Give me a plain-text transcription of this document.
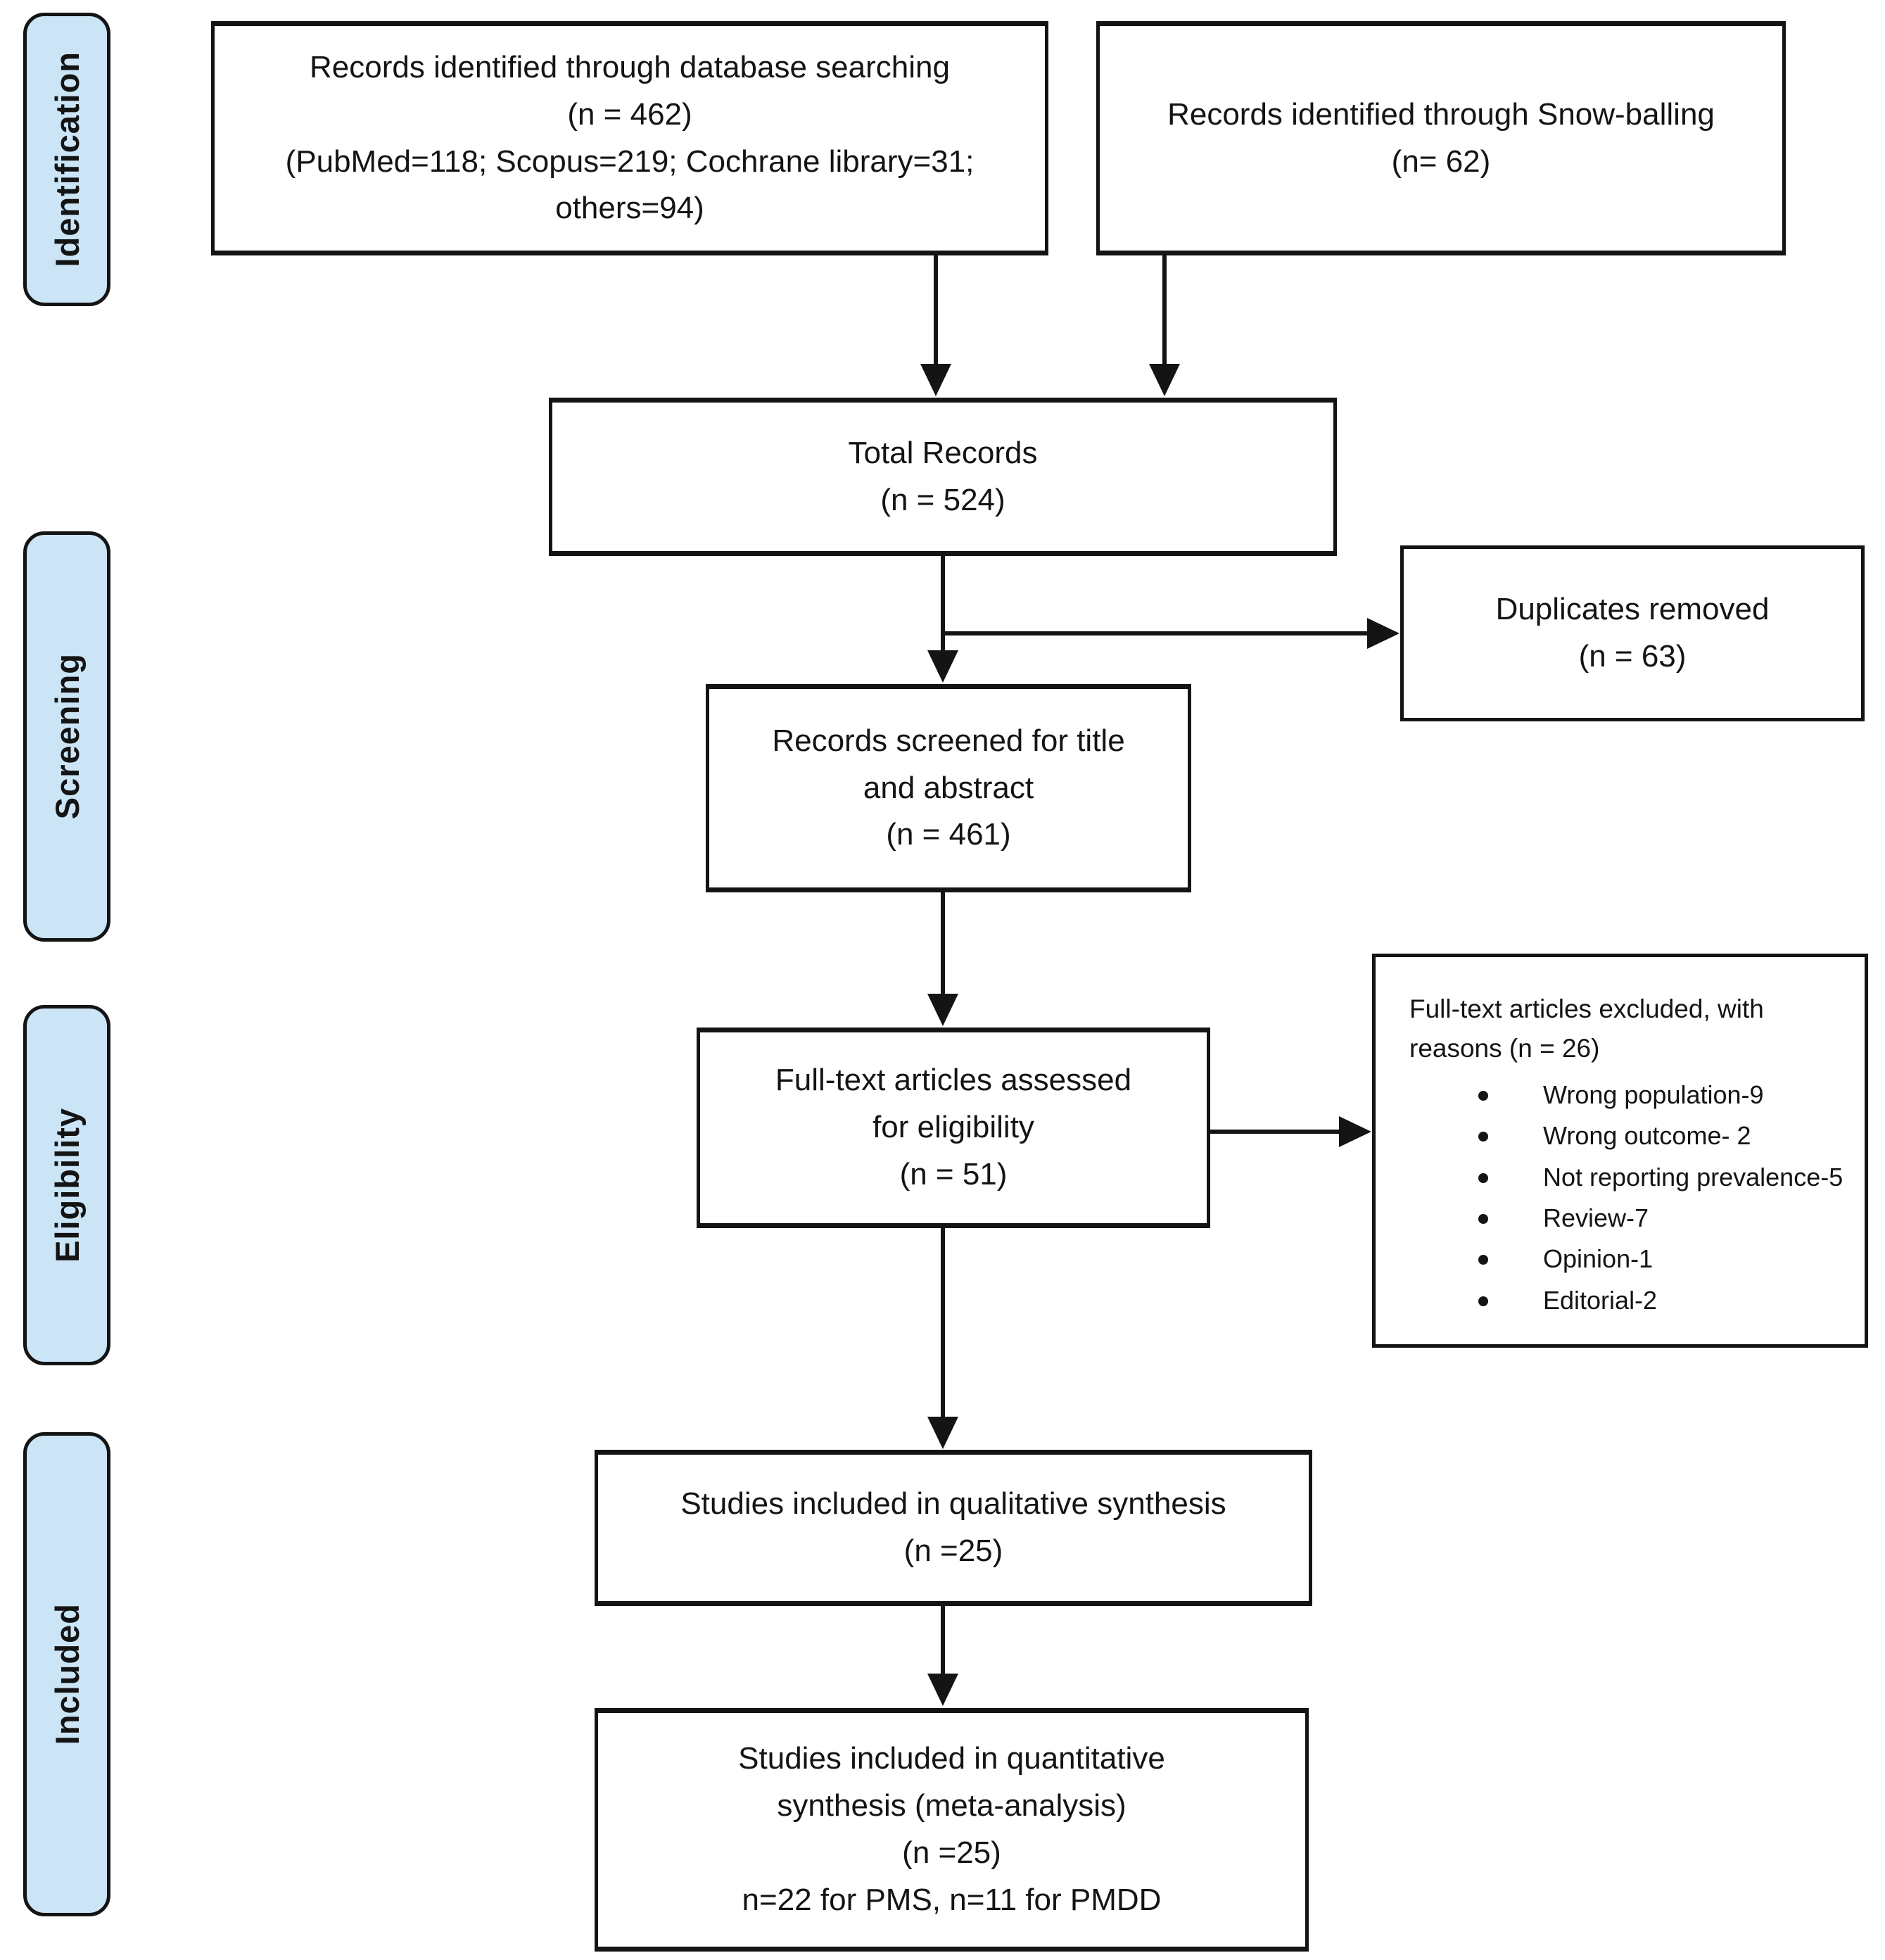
Identification
Screening
Eligibility
Included
Records identified through database searching
(n = 462)
(PubMed=118; Scopus=219; Cochrane library=31;
others=94)
Records identified through Snow-balling
(n= 62)
Total Records
(n = 524)
Duplicates removed
(n = 63)
Records screened for title
and abstract
(n = 461)
Full-text articles assessed
for eligibility
(n = 51)
Full-text articles excluded, with
reasons (n = 26)
Wrong population-9
Wrong outcome- 2
Not reporting prevalence-5
Review-7
Opinion-1
Editorial-2
Studies included in qualitative synthesis
(n =25)
Studies included in quantitative
synthesis (meta-analysis)
(n =25)
n=22 for PMS, n=11 for PMDD
